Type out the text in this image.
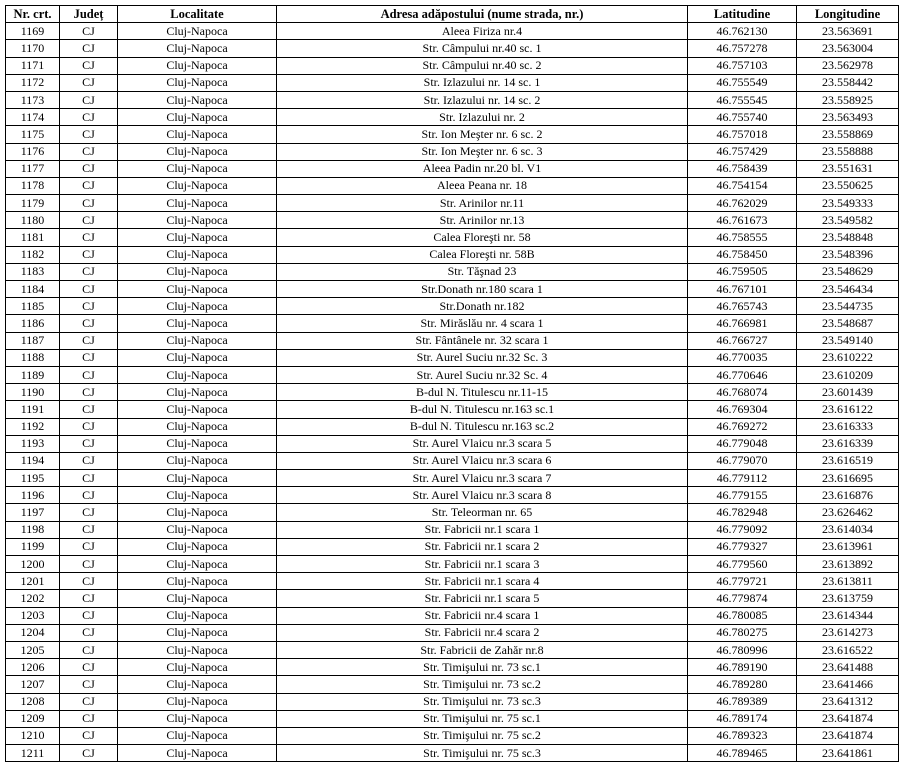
Nr. crt.	Județ	Localitate	Adresa adăpostului (nume strada, nr.)	Latitudine	Longitudine
1169	CJ	Cluj-Napoca	Aleea Firiza nr.4	46.762130	23.563691
1170	CJ	Cluj-Napoca	Str. Câmpului nr.40 sc. 1	46.757278	23.563004
1171	CJ	Cluj-Napoca	Str. Câmpului nr.40 sc. 2	46.757103	23.562978
1172	CJ	Cluj-Napoca	Str. Izlazului nr. 14 sc. 1	46.755549	23.558442
1173	CJ	Cluj-Napoca	Str. Izlazului nr. 14 sc. 2	46.755545	23.558925
1174	CJ	Cluj-Napoca	Str. Izlazului nr. 2	46.755740	23.563493
1175	CJ	Cluj-Napoca	Str. Ion Meşter nr. 6 sc. 2	46.757018	23.558869
1176	CJ	Cluj-Napoca	Str. Ion Meşter nr. 6 sc. 3	46.757429	23.558888
1177	CJ	Cluj-Napoca	Aleea Padin nr.20 bl. V1	46.758439	23.551631
1178	CJ	Cluj-Napoca	Aleea Peana nr. 18	46.754154	23.550625
1179	CJ	Cluj-Napoca	Str. Arinilor nr.11	46.762029	23.549333
1180	CJ	Cluj-Napoca	Str. Arinilor nr.13	46.761673	23.549582
1181	CJ	Cluj-Napoca	Calea Floreşti nr. 58	46.758555	23.548848
1182	CJ	Cluj-Napoca	Calea Floreşti nr. 58B	46.758450	23.548396
1183	CJ	Cluj-Napoca	Str. Tăşnad 23	46.759505	23.548629
1184	CJ	Cluj-Napoca	Str.Donath nr.180 scara 1	46.767101	23.546434
1185	CJ	Cluj-Napoca	Str.Donath nr.182	46.765743	23.544735
1186	CJ	Cluj-Napoca	Str. Mirăslău nr. 4 scara 1	46.766981	23.548687
1187	CJ	Cluj-Napoca	Str. Fântânele nr. 32 scara 1	46.766727	23.549140
1188	CJ	Cluj-Napoca	Str. Aurel Suciu nr.32 Sc. 3	46.770035	23.610222
1189	CJ	Cluj-Napoca	Str. Aurel Suciu nr.32 Sc. 4	46.770646	23.610209
1190	CJ	Cluj-Napoca	B-dul N. Titulescu nr.11-15	46.768074	23.601439
1191	CJ	Cluj-Napoca	B-dul N. Titulescu nr.163 sc.1	46.769304	23.616122
1192	CJ	Cluj-Napoca	B-dul N. Titulescu nr.163 sc.2	46.769272	23.616333
1193	CJ	Cluj-Napoca	Str. Aurel Vlaicu nr.3 scara 5	46.779048	23.616339
1194	CJ	Cluj-Napoca	Str. Aurel Vlaicu nr.3 scara 6	46.779070	23.616519
1195	CJ	Cluj-Napoca	Str. Aurel Vlaicu nr.3 scara 7	46.779112	23.616695
1196	CJ	Cluj-Napoca	Str. Aurel Vlaicu nr.3 scara 8	46.779155	23.616876
1197	CJ	Cluj-Napoca	Str. Teleorman nr. 65	46.782948	23.626462
1198	CJ	Cluj-Napoca	Str. Fabricii nr.1 scara 1	46.779092	23.614034
1199	CJ	Cluj-Napoca	Str. Fabricii nr.1 scara 2	46.779327	23.613961
1200	CJ	Cluj-Napoca	Str. Fabricii nr.1 scara 3	46.779560	23.613892
1201	CJ	Cluj-Napoca	Str. Fabricii nr.1 scara 4	46.779721	23.613811
1202	CJ	Cluj-Napoca	Str. Fabricii nr.1 scara 5	46.779874	23.613759
1203	CJ	Cluj-Napoca	Str. Fabricii nr.4 scara 1	46.780085	23.614344
1204	CJ	Cluj-Napoca	Str. Fabricii nr.4 scara 2	46.780275	23.614273
1205	CJ	Cluj-Napoca	Str. Fabricii de Zahăr nr.8	46.780996	23.616522
1206	CJ	Cluj-Napoca	Str. Timişului nr. 73 sc.1	46.789190	23.641488
1207	CJ	Cluj-Napoca	Str. Timişului nr. 73 sc.2	46.789280	23.641466
1208	CJ	Cluj-Napoca	Str. Timişului nr. 73 sc.3	46.789389	23.641312
1209	CJ	Cluj-Napoca	Str. Timişului nr. 75 sc.1	46.789174	23.641874
1210	CJ	Cluj-Napoca	Str. Timişului nr. 75 sc.2	46.789323	23.641874
1211	CJ	Cluj-Napoca	Str. Timişului nr. 75 sc.3	46.789465	23.641861
